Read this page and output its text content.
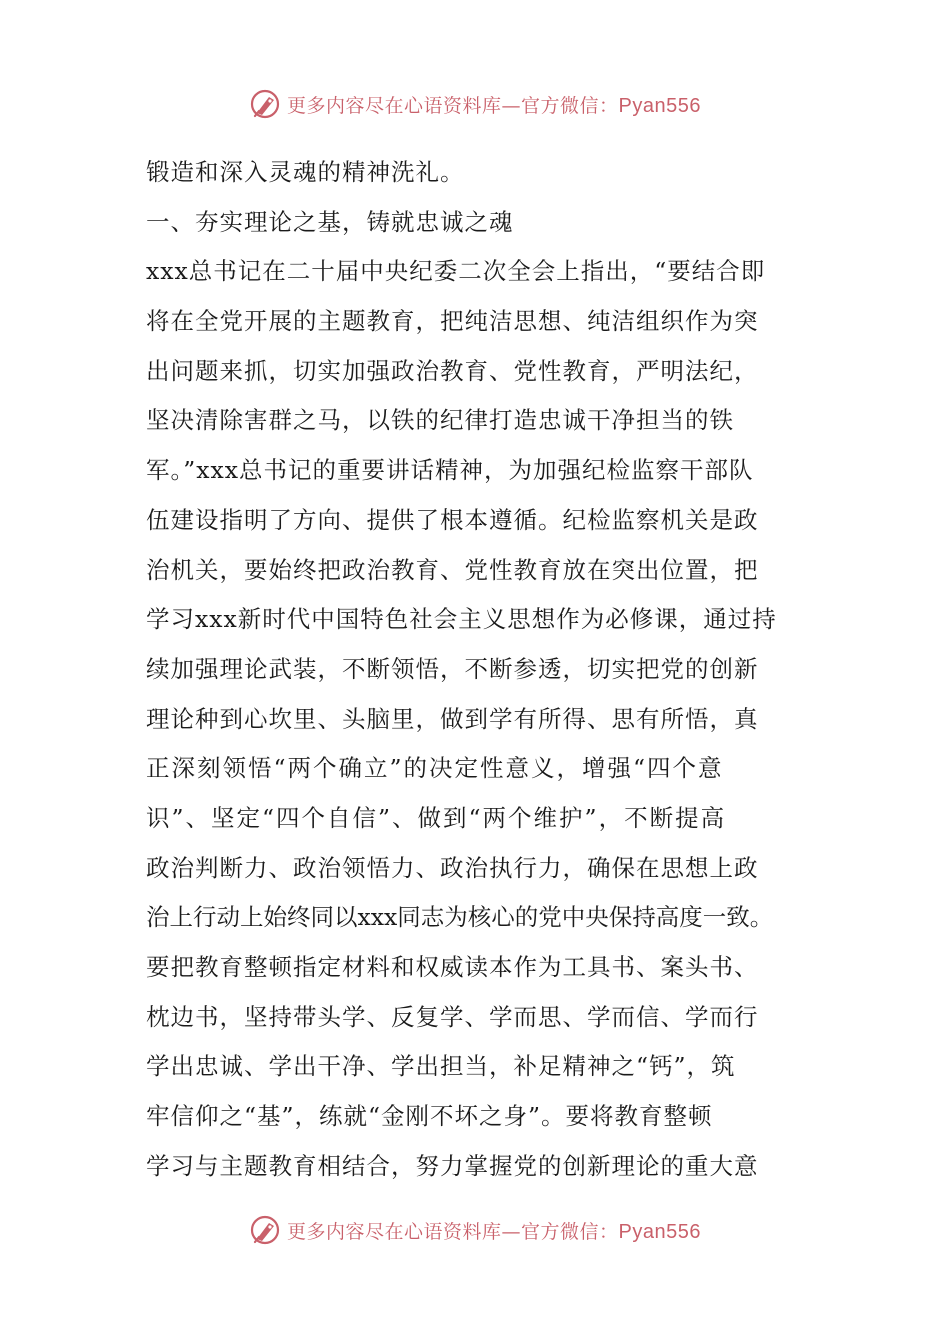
更多内容尽在心语资料库—官方微信：Pyan556
锻造和深入灵魂的精神洗礼。
一、夯实理论之基，铸就忠诚之魂
xxx总书记在二十届中央纪委二次全会上指出，“要结合即
将在全党开展的主题教育，把纯洁思想、纯洁组织作为突
出问题来抓，切实加强政治教育、党性教育，严明法纪，
坚决清除害群之马，以铁的纪律打造忠诚干净担当的铁
军。”xxx总书记的重要讲话精神，为加强纪检监察干部队
伍建设指明了方向、提供了根本遵循。纪检监察机关是政
治机关，要始终把政治教育、党性教育放在突出位置，把
学习xxx新时代中国特色社会主义思想作为必修课，通过持
续加强理论武装，不断领悟，不断参透，切实把党的创新
理论种到心坎里、头脑里，做到学有所得、思有所悟，真
正深刻领悟“两个确立”的决定性意义，增强“四个意
识”、坚定“四个自信”、做到“两个维护”，不断提高
政治判断力、政治领悟力、政治执行力，确保在思想上政
治上行动上始终同以xxx同志为核心的党中央保持高度一致。
要把教育整顿指定材料和权威读本作为工具书、案头书、
枕边书，坚持带头学、反复学、学而思、学而信、学而行
学出忠诚、学出干净、学出担当，补足精神之“钙”，筑
牢信仰之“基”，练就“金刚不坏之身”。要将教育整顿
学习与主题教育相结合，努力掌握党的创新理论的重大意
更多内容尽在心语资料库—官方微信：Pyan556
